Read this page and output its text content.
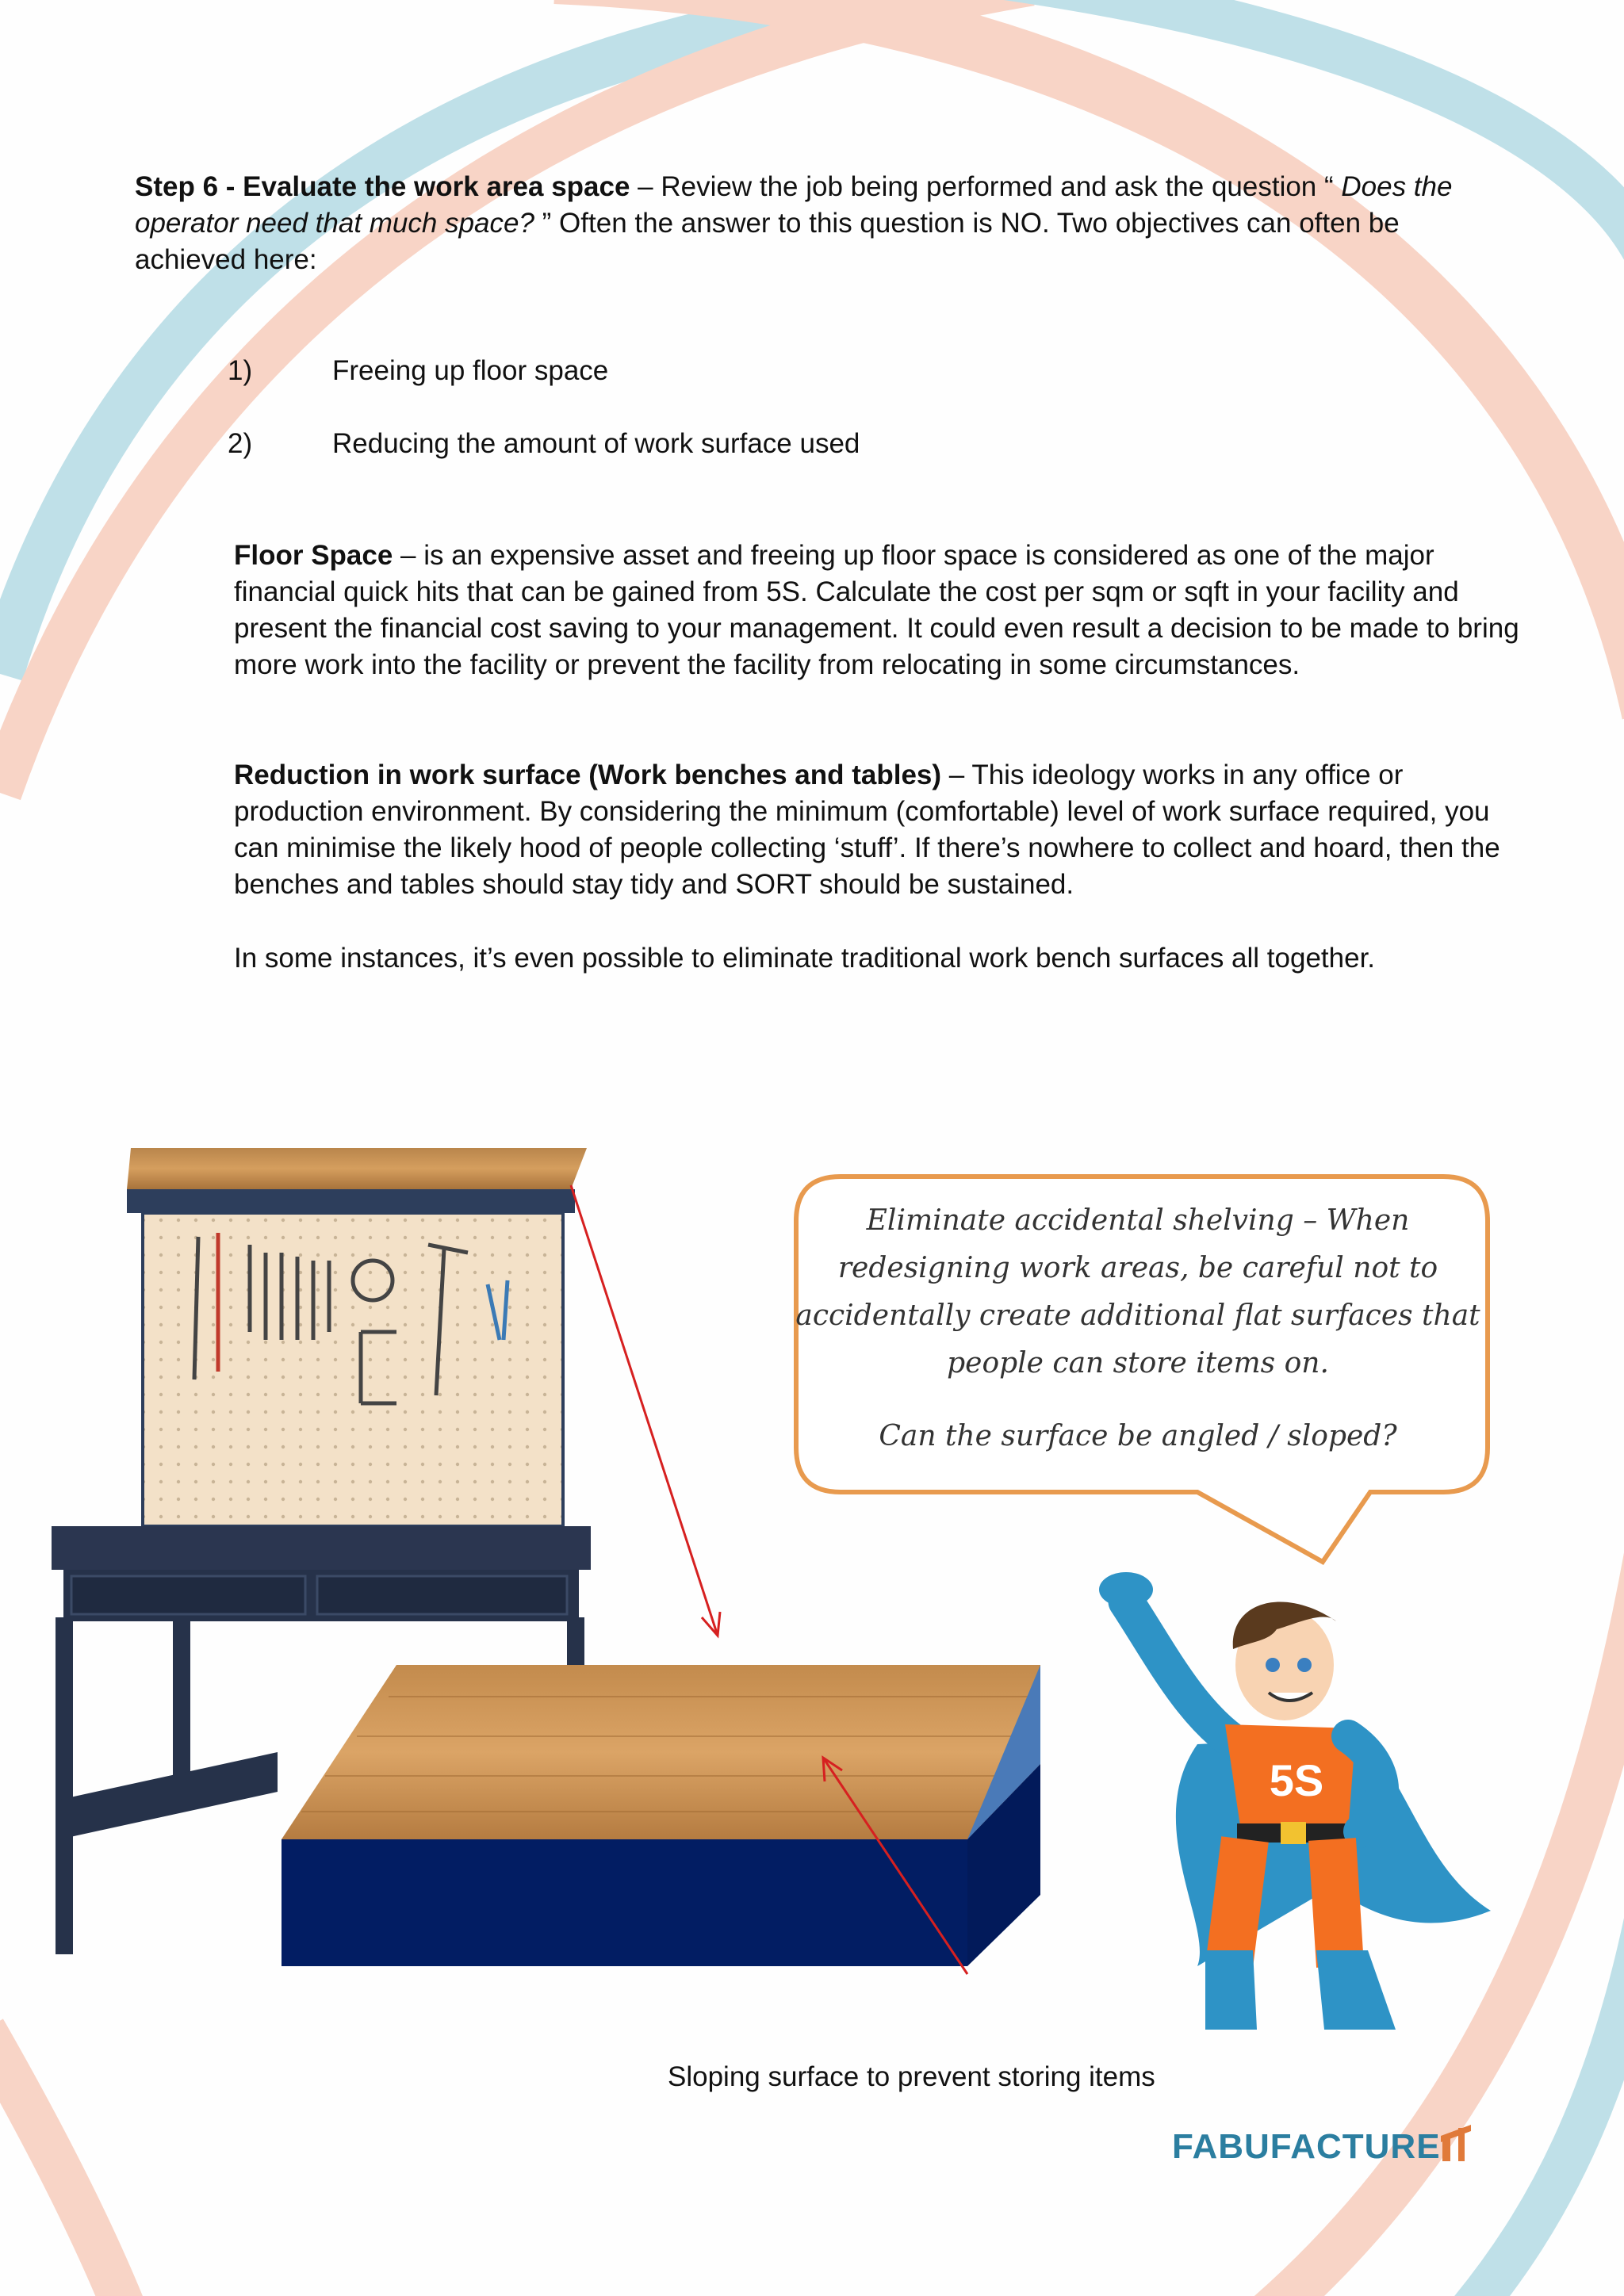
Step 6 - Evaluate the work area space – Review the job being performed and ask the question “ Does the operator need that much space? ” Often the answer to this question is NO. Two objectives can often be achieved here:
1)	Freeing up floor space
2)	Reducing the amount of work surface used
Floor Space – is an expensive asset and freeing up floor space is considered as one of the major financial quick hits that can be gained from 5S. Calculate the cost per sqm or sqft in your facility and present the financial cost saving to your management. It could even result a decision to be made to bring more work into the facility or prevent the facility from relocating in some circumstances.
Reduction in work surface (Work benches and tables) – This ideology works in any office or production environment. By considering the minimum (comfortable) level of work surface required, you can minimise the likely hood of people collecting ‘stuff’. If there’s nowhere to collect and hoard, then the benches and tables should stay tidy and SORT should be sustained.
In some instances, it’s even possible to eliminate traditional work bench surfaces all together.

Eliminate accidental shelving – When redesigning work areas, be careful not to accidentally create additional flat surfaces that people can store items on.

Can the surface be angled / sloped?

5S
Sloping surface to prevent storing items
FABUFACTURE
